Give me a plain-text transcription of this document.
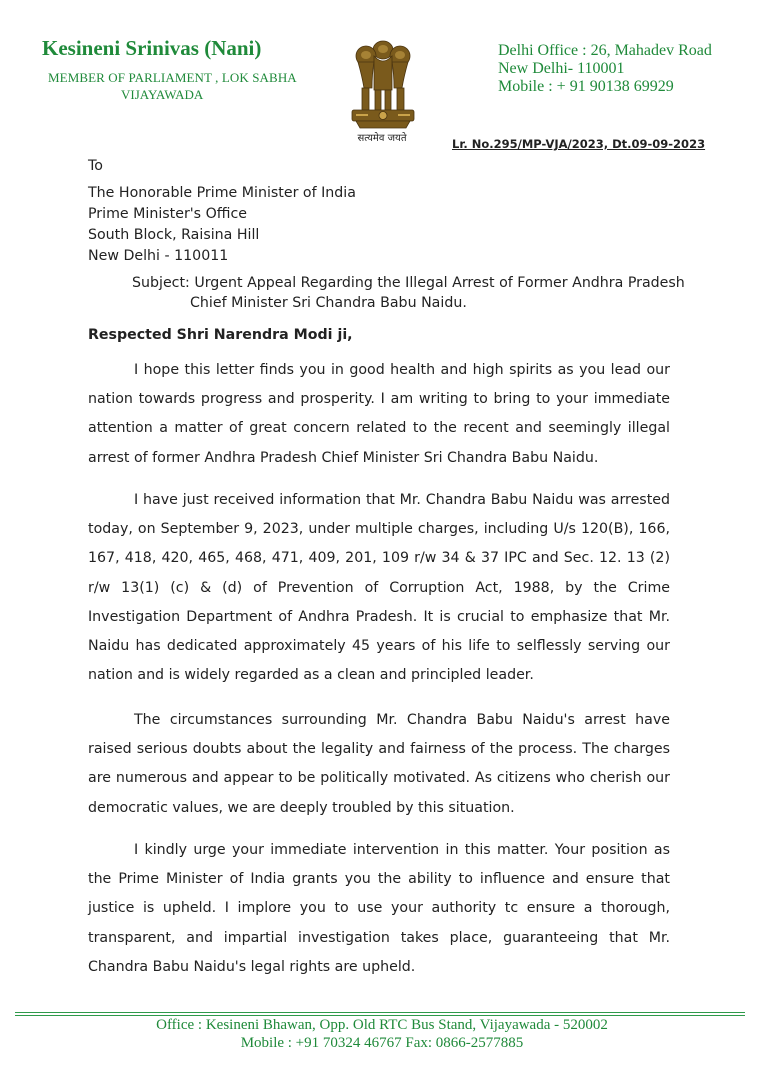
Kesineni Srinivas (Nani)
MEMBER OF PARLIAMENT , LOK SABHA
VIJAYAWADA
सत्यमेव जयते
Delhi Office : 26, Mahadev Road
New Delhi- 110001
Mobile : + 91 90138 69929
Lr. No.295/MP-VJA/2023, Dt.09-09-2023
To
The Honorable Prime Minister of India
Prime Minister's Office
South Block, Raisina Hill
New Delhi - 110011
Subject: Urgent Appeal Regarding the Illegal Arrest of Former Andhra Pradesh
Chief Minister Sri Chandra Babu Naidu.
Respected Shri Narendra Modi ji,

I hope this letter finds you in good health and high spirits as you lead our nation towards progress and prosperity. I am writing to bring to your immediate attention a matter of great concern related to the recent and seemingly illegal arrest of former Andhra Pradesh Chief Minister Sri Chandra Babu Naidu.

I have just received information that Mr. Chandra Babu Naidu was arrested today, on September 9, 2023, under multiple charges, including U/s 120(B), 166, 167, 418, 420, 465, 468, 471, 409, 201, 109 r/w 34 & 37 IPC and Sec. 12. 13 (2) r/w 13(1) (c) & (d) of Prevention of Corruption Act, 1988, by the Crime Investigation Department of Andhra Pradesh. It is crucial to emphasize that Mr. Naidu has dedicated approximately 45 years of his life to selflessly serving our nation and is widely regarded as a clean and principled leader.

The circumstances surrounding Mr. Chandra Babu Naidu's arrest have raised serious doubts about the legality and fairness of the process. The charges are numerous and appear to be politically motivated. As citizens who cherish our democratic values, we are deeply troubled by this situation.

I kindly urge your immediate intervention in this matter. Your position as the Prime Minister of India grants you the ability to influence and ensure that justice is upheld. I implore you to use your authority tc ensure a thorough, transparent, and impartial investigation takes place, guaranteeing that Mr. Chandra Babu Naidu's legal rights are upheld.

Office : Kesineni Bhawan, Opp. Old RTC Bus Stand, Vijayawada - 520002
Mobile : +91 70324 46767 Fax: 0866-2577885
